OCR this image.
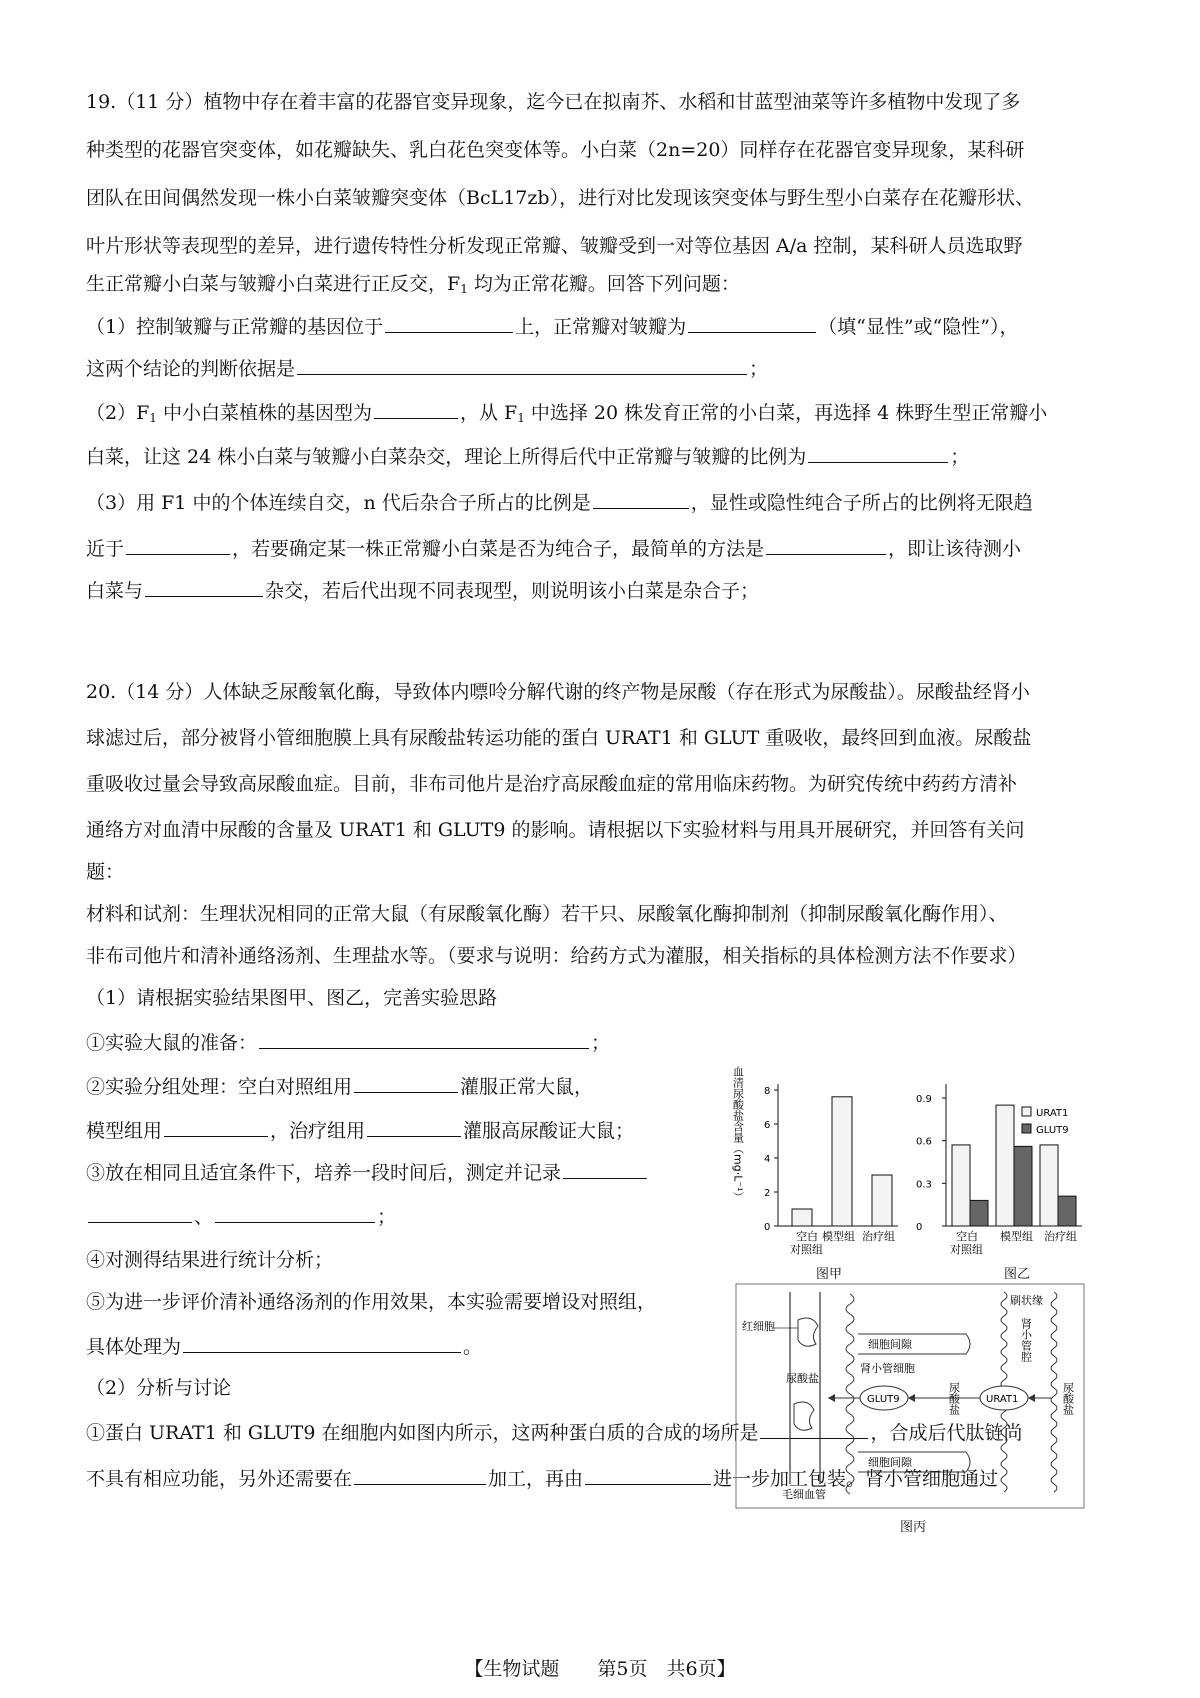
19.（11 分）植物中存在着丰富的花器官变异现象，迄今已在拟南芥、水稻和甘蓝型油菜等许多植物中发现了多
种类型的花器官突变体，如花瓣缺失、乳白花色突变体等。小白菜（2n=20）同样存在花器官变异现象，某科研
团队在田间偶然发现一株小白菜皱瓣突变体（BcL17zb），进行对比发现该突变体与野生型小白菜存在花瓣形状、
叶片形状等表现型的差异，进行遗传特性分析发现正常瓣、皱瓣受到一对等位基因 A/a 控制，某科研人员选取野
生正常瓣小白菜与皱瓣小白菜进行正反交，$F_1$ 均为正常花瓣。回答下列问题：
（1）控制皱瓣与正常瓣的基因位于	上，正常瓣对皱瓣为	（填“显性”或“隐性”），
这两个结论的判断依据是	；
$(2)F_1$ 中小白菜植株的基因型为	，从 $F_1$ 中选择 20 株发育正常的小白菜，再选择 4 株野生型正常瓣小
白菜，让这 24 株小白菜与皱瓣小白菜杂交，理论上所得后代中正常瓣与皱瓣的比例为	；
（3）用 F1 中的个体连续自交，n 代后杂合子所占的比例是	，显性或隐性纯合子所占的比例将无限趋
近于	，若要确定某一株正常瓣小白菜是否为纯合子，最简单的方法是	，即让该待测小
白菜与	杂交，若后代出现不同表现型，则说明该小白菜是杂合子；
20.（14 分）人体缺乏尿酸氧化酶，导致体内嘌呤分解代谢的终产物是尿酸（存在形式为尿酸盐）。尿酸盐经肾小
球滤过后，部分被肾小管细胞膜上具有尿酸盐转运功能的蛋白 URAT1 和 GLUT 重吸收，最终回到血液。尿酸盐
重吸收过量会导致高尿酸血症。目前，非布司他片是治疗高尿酸血症的常用临床药物。为研究传统中药药方清补
通络方对血清中尿酸的含量及 URAT1 和 GLUT9 的影响。请根据以下实验材料与用具开展研究，并回答有关问
题：
材料和试剂：生理状况相同的正常大鼠（有尿酸氧化酶）若干只、尿酸氧化酶抑制剂（抑制尿酸氧化酶作用）、
非布司他片和清补通络汤剂、生理盐水等。（要求与说明：给药方式为灌服，相关指标的具体检测方法不作要求）
（1）请根据实验结果图甲、图乙，完善实验思路
①实验大鼠的准备：	；
②实验分组处理：空白对照组用	灌服正常大鼠，
模型组用	，治疗组用	灌服高尿酸证大鼠；
③放在相同且适宜条件下，培养一段时间后，测定并记录
、	；
④对测得结果进行统计分析；
⑤为进一步评价清补通络汤剂的作用效果，本实验需要增设对照组，
具体处理为	。
（2）分析与讨论
①蛋白 URAT1 和 GLUT9 在细胞内如图内所示，这两种蛋白质的合成的场所是	，合成后代肽链尚
不具有相应功能，另外还需要在	加工，再由	进一步加工包装。肾小管细胞通过
血清尿酸盐含量（mg·L⁻¹）
0
2
4
6
8
空白
对照组
模型组 治疗组
图甲
0
0.3
0.6
0.9
URAT1
GLUT9
空白
对照组
模型组 治疗组
图乙
红细胞
尿酸盐
细胞间隙
肾小管细胞
细胞间隙
GLUT9	URAT1
尿酸盐	尿酸盐
刷状缘
肾小管腔
毛细血管
图丙
【生物试题　　第5页　共6页】
